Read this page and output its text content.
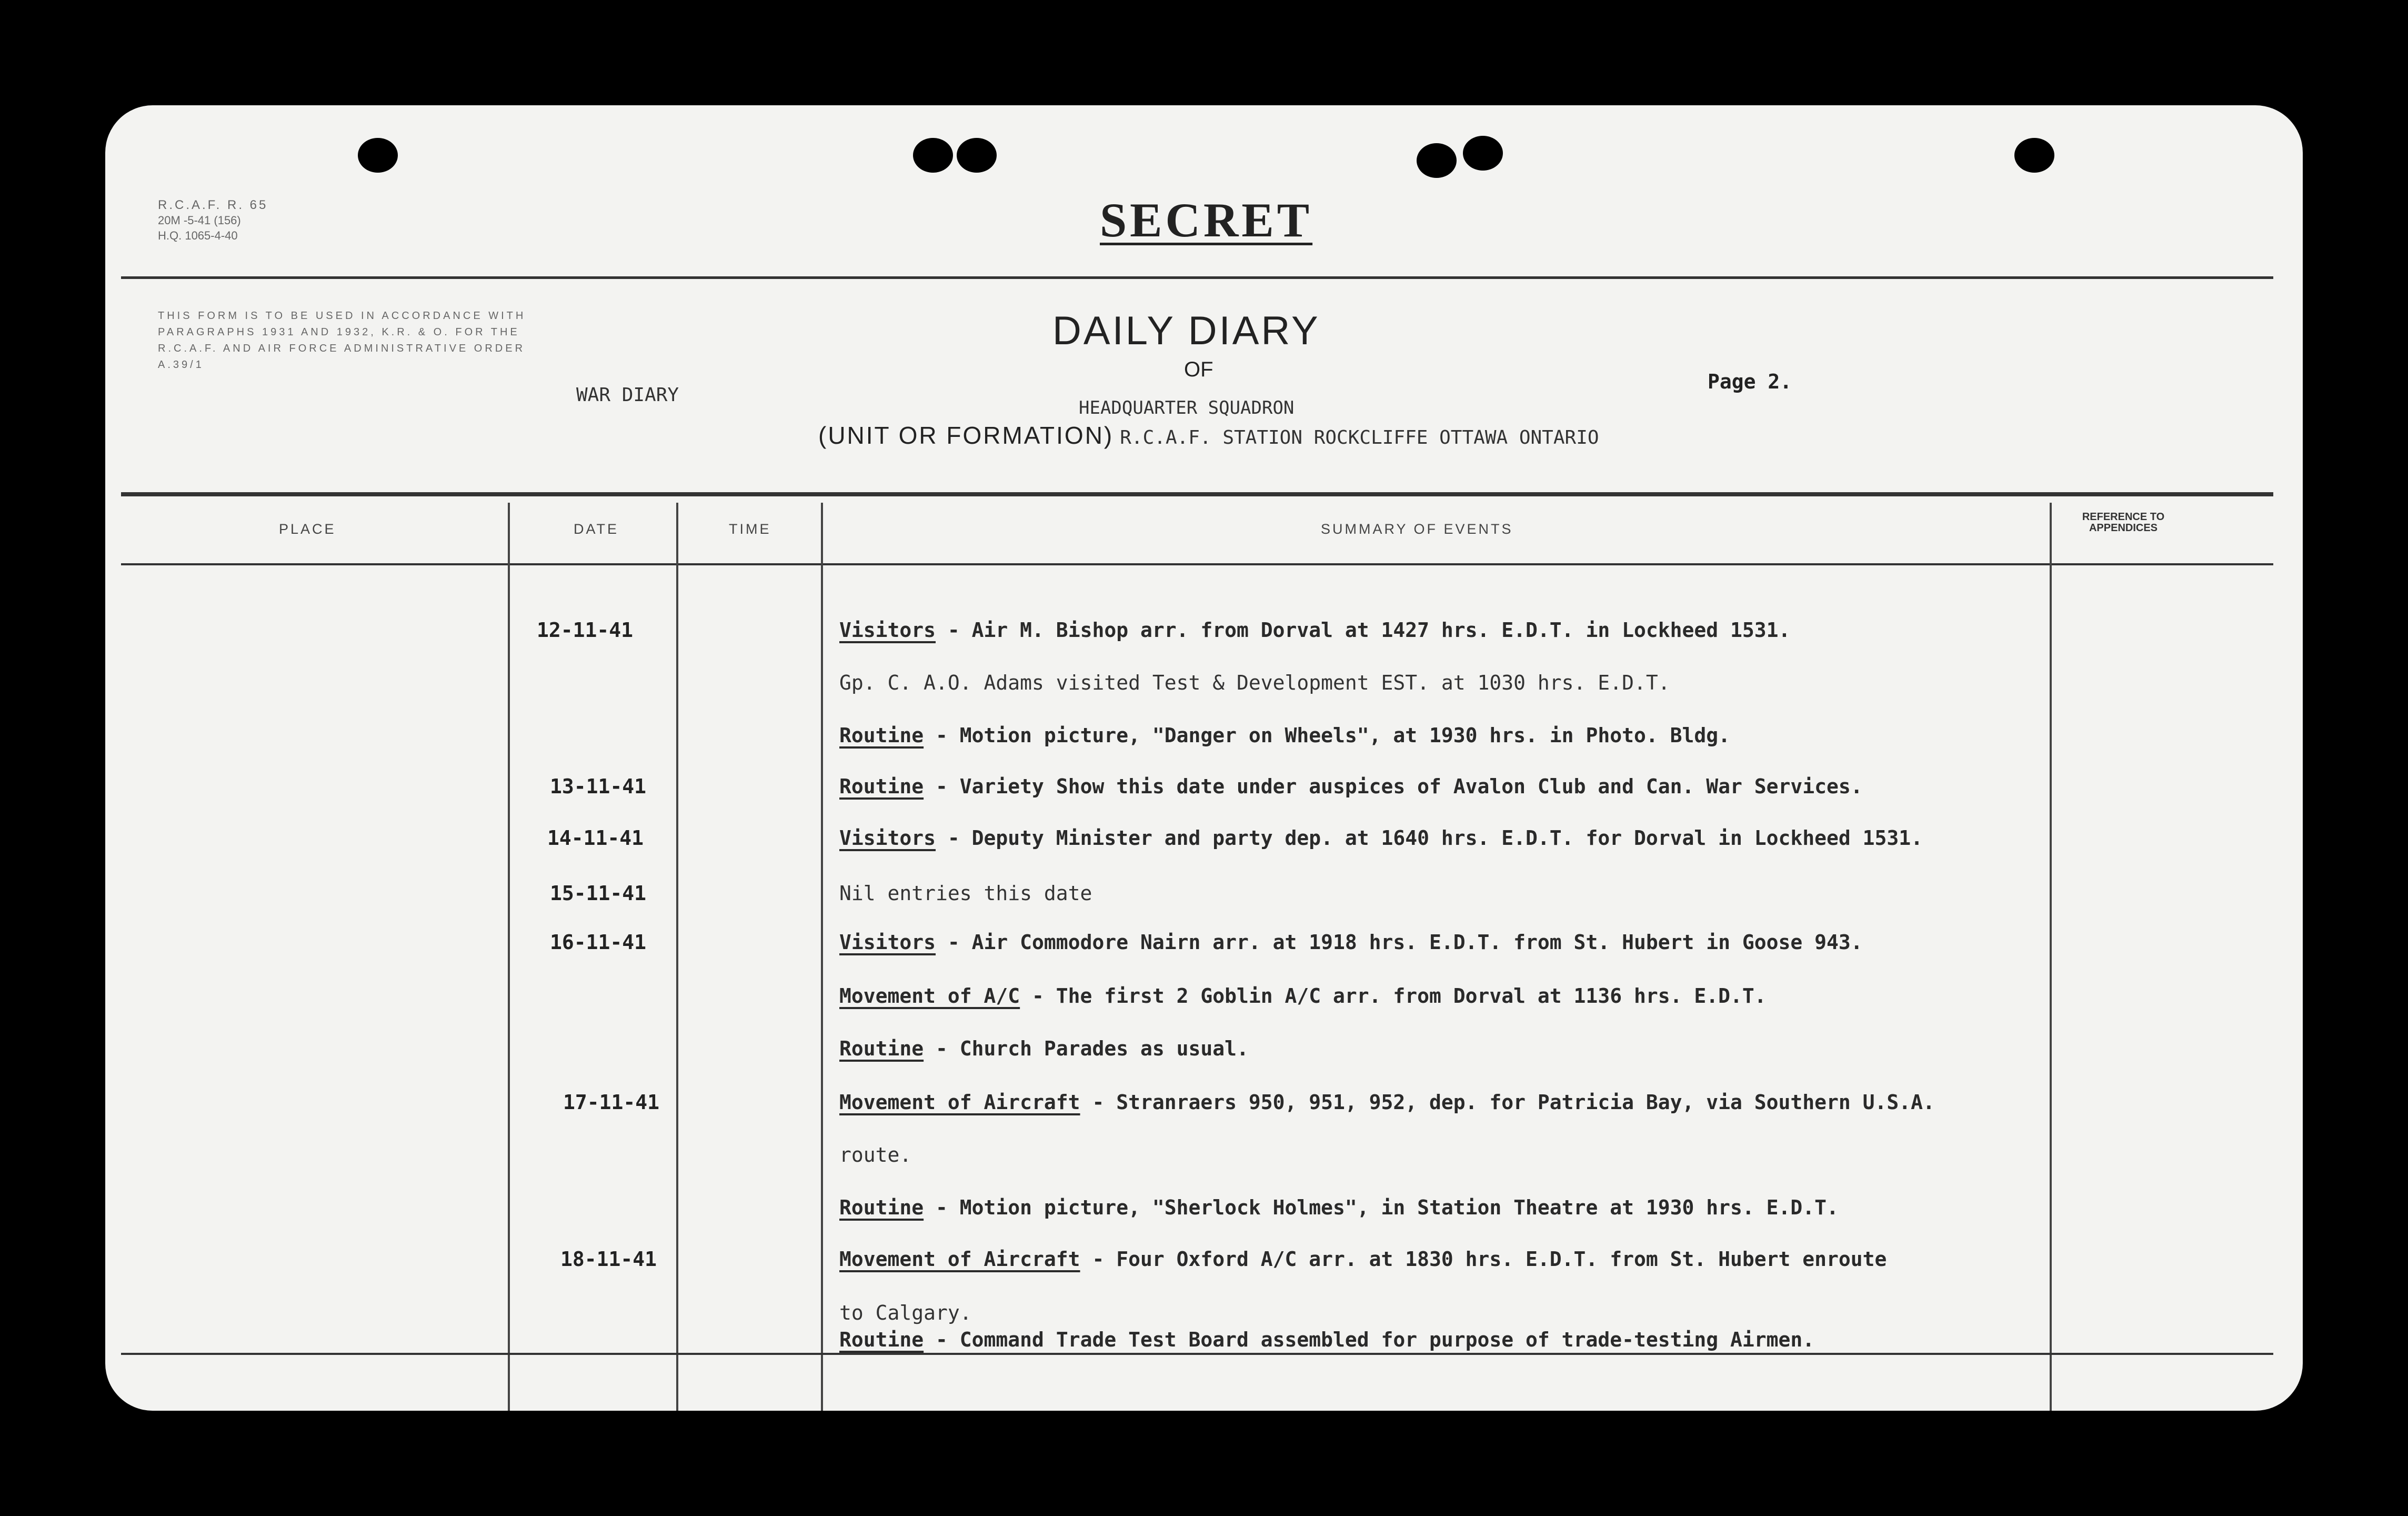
R.C.A.F. R. 65
20M -5-41 (156)
H.Q. 1065-4-40	SECRET
THIS FORM IS TO BE USED IN ACCORDANCE WITH PARAGRAPHS 1931 AND 1932, K.R. & O. FOR THE R.C.A.F. AND AIR FORCE ADMINISTRATIVE ORDER A.39/1
WAR DIARY
DAILY DIARY
OF
Page 2.
HEADQUARTER SQUADRON
(UNIT OR FORMATION) R.C.A.F. STATION ROCKCLIFFE OTTAWA ONTARIO
PLACE	DATE	TIME	SUMMARY OF EVENTS
REFERENCE TO APPENDICES
12-11-41	Visitors - Air M. Bishop arr. from Dorval at 1427 hrs. E.D.T. in Lockheed 1531.
Gp. C. A.O. Adams visited Test & Development EST. at 1030 hrs. E.D.T.
Routine - Motion picture, "Danger on Wheels", at 1930 hrs. in Photo. Bldg.
13-11-41	Routine - Variety Show this date under auspices of Avalon Club and Can. War Services.
14-11-41	Visitors - Deputy Minister and party dep. at 1640 hrs. E.D.T. for Dorval in Lockheed 1531.
15-11-41	Nil entries this date
16-11-41	Visitors - Air Commodore Nairn arr. at 1918 hrs. E.D.T. from St. Hubert in Goose 943.
Movement of A/C - The first 2 Goblin A/C arr. from Dorval at 1136 hrs. E.D.T.
Routine - Church Parades as usual.
17-11-41	Movement of Aircraft - Stranraers 950, 951, 952, dep. for Patricia Bay, via Southern U.S.A.
route.
Routine - Motion picture, "Sherlock Holmes", in Station Theatre at 1930 hrs. E.D.T.
18-11-41	Movement of Aircraft - Four Oxford A/C arr. at 1830 hrs. E.D.T. from St. Hubert enroute
to Calgary.
Routine - Command Trade Test Board assembled for purpose of trade-testing Airmen.
